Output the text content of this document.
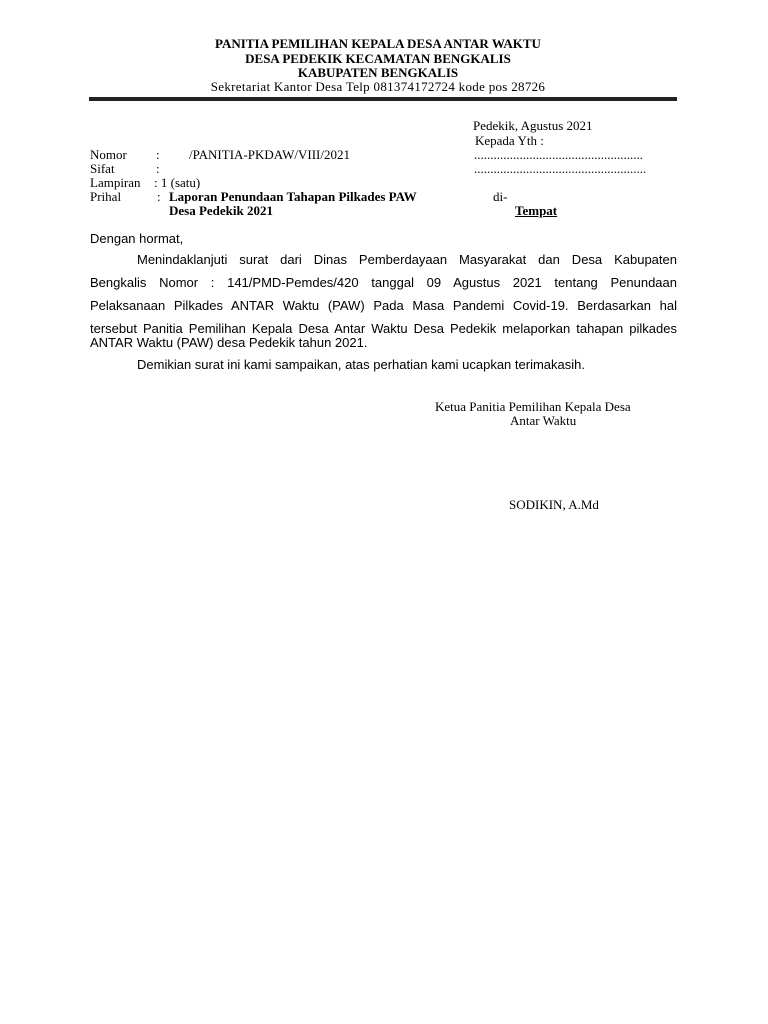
PANITIA PEMILIHAN KEPALA DESA ANTAR WAKTU
DESA PEDEKIK KECAMATAN BENGKALIS
KABUPATEN BENGKALIS
Sekretariat Kantor Desa Telp 081374172724 kode pos 28726
Pedekik, Agustus 2021
Kepada Yth :
....................................................
.....................................................
di-
Tempat
Nomor : /PANITIA-PKDAW/VIII/2021
Sifat	:
Lampiran : 1 (satu)
Prihal	: Laporan Penundaan Tahapan Pilkades PAW
Desa Pedekik 2021
Dengan hormat,
Menindaklanjuti surat dari Dinas Pemberdayaan Masyarakat dan Desa Kabupaten
Bengkalis Nomor : 141/PMD-Pemdes/420 tanggal 09 Agustus 2021 tentang Penundaan
Pelaksanaan Pilkades ANTAR Waktu (PAW) Pada Masa Pandemi Covid-19. Berdasarkan hal
tersebut Panitia Pemilihan Kepala Desa Antar Waktu Desa Pedekik melaporkan tahapan pilkades
ANTAR Waktu (PAW) desa Pedekik tahun 2021.
Demikian surat ini kami sampaikan, atas perhatian kami ucapkan terimakasih.
Ketua Panitia Pemilihan Kepala Desa
Antar Waktu
SODIKIN, A.Md
